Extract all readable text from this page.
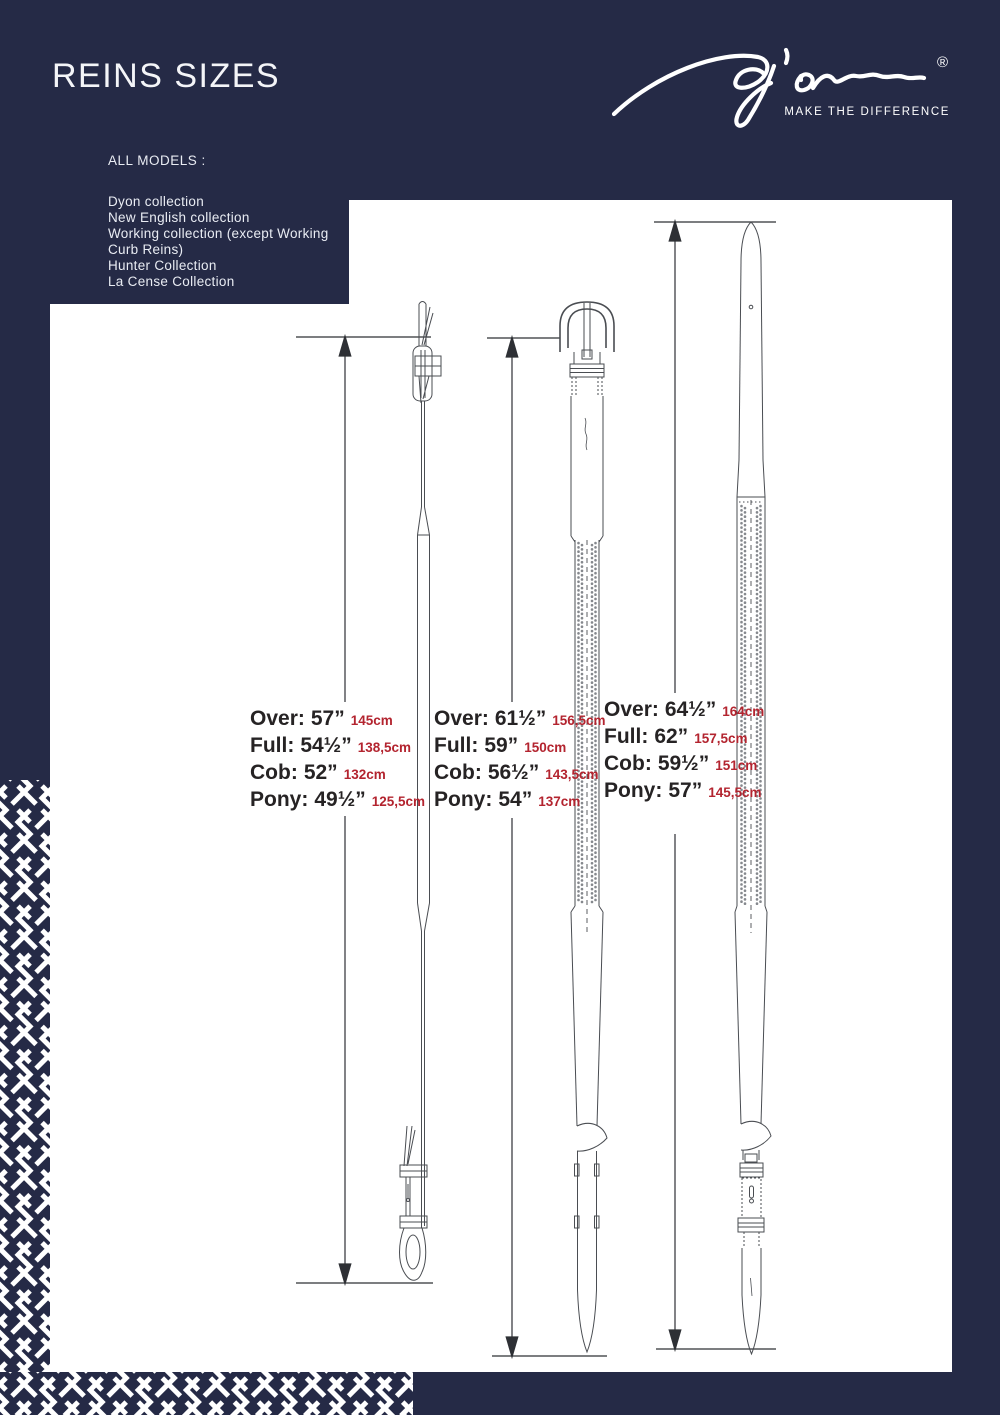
REINS SIZES	®
MAKE THE DIFFERENCE
ALL MODELS :
Dyon collection
New English collection
Working collection (except Working Curb Reins)
Hunter Collection
La Cense Collection
Over: 57” 145cm
Full: 54½” 138,5cm
Cob: 52” 132cm
Pony: 49½” 125,5cm
Over: 61½” 156,5cm
Full: 59” 150cm
Cob: 56½” 143,5cm
Pony: 54” 137cm
Over: 64½” 164cm
Full: 62” 157,5cm
Cob: 59½” 151cm
Pony: 57” 145,5cm
